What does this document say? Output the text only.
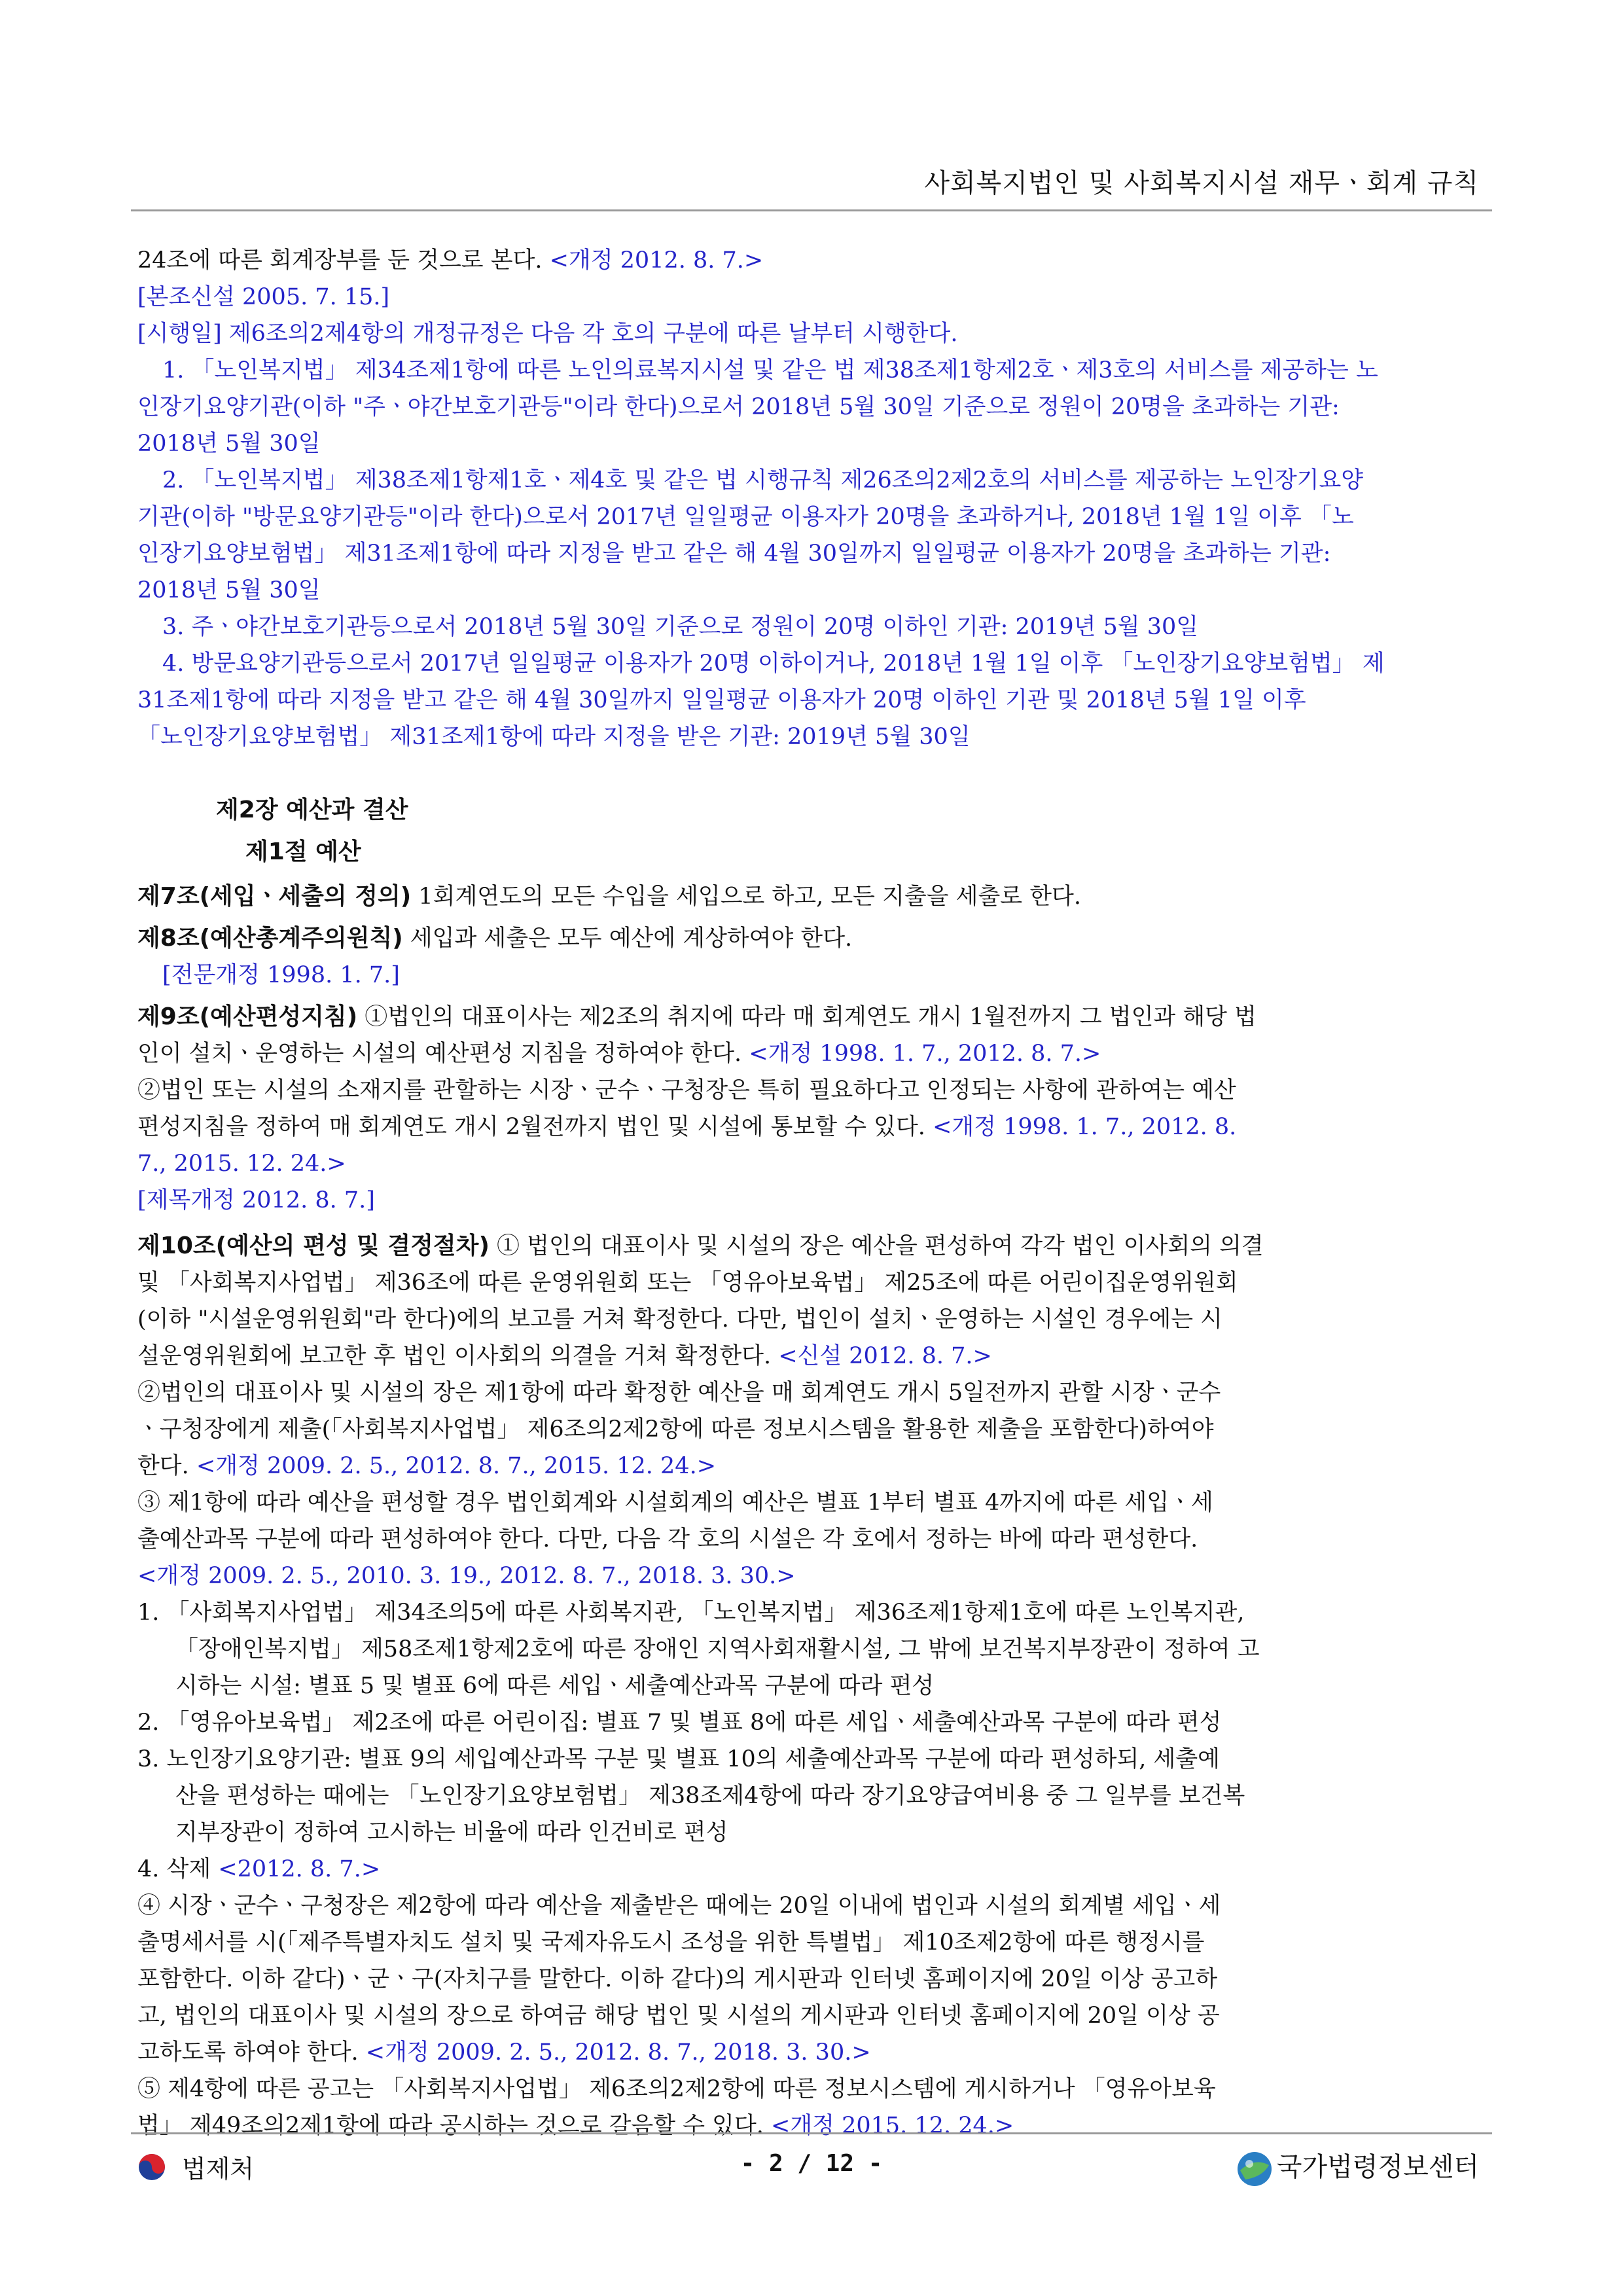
사회복지법인 및 사회복지시설 재무ㆍ회계 규칙
24조에 따른 회계장부를 둔 것으로 본다. <개정 2012. 8. 7.>
[본조신설 2005. 7. 15.]
[시행일] 제6조의2제4항의 개정규정은 다음 각 호의 구분에 따른 날부터 시행한다.
1. 「노인복지법」 제34조제1항에 따른 노인의료복지시설 및 같은 법 제38조제1항제2호ㆍ제3호의 서비스를 제공하는 노
인장기요양기관(이하 "주ㆍ야간보호기관등"이라 한다)으로서 2018년 5월 30일 기준으로 정원이 20명을 초과하는 기관:
2018년 5월 30일
2. 「노인복지법」 제38조제1항제1호ㆍ제4호 및 같은 법 시행규칙 제26조의2제2호의 서비스를 제공하는 노인장기요양
기관(이하 "방문요양기관등"이라 한다)으로서 2017년 일일평균 이용자가 20명을 초과하거나, 2018년 1월 1일 이후 「노
인장기요양보험법」 제31조제1항에 따라 지정을 받고 같은 해 4월 30일까지 일일평균 이용자가 20명을 초과하는 기관:
2018년 5월 30일
3. 주ㆍ야간보호기관등으로서 2018년 5월 30일 기준으로 정원이 20명 이하인 기관: 2019년 5월 30일
4. 방문요양기관등으로서 2017년 일일평균 이용자가 20명 이하이거나, 2018년 1월 1일 이후 「노인장기요양보험법」 제
31조제1항에 따라 지정을 받고 같은 해 4월 30일까지 일일평균 이용자가 20명 이하인 기관 및 2018년 5월 1일 이후
「노인장기요양보험법」 제31조제1항에 따라 지정을 받은 기관: 2019년 5월 30일
제2장 예산과 결산
제1절 예산
제7조(세입ㆍ세출의 정의) 1회계연도의 모든 수입을 세입으로 하고, 모든 지출을 세출로 한다.
제8조(예산총계주의원칙) 세입과 세출은 모두 예산에 계상하여야 한다.
[전문개정 1998. 1. 7.]
제9조(예산편성지침) ①법인의 대표이사는 제2조의 취지에 따라 매 회계연도 개시 1월전까지 그 법인과 해당 법
인이 설치ㆍ운영하는 시설의 예산편성 지침을 정하여야 한다. <개정 1998. 1. 7., 2012. 8. 7.>
②법인 또는 시설의 소재지를 관할하는 시장ㆍ군수ㆍ구청장은 특히 필요하다고 인정되는 사항에 관하여는 예산
편성지침을 정하여 매 회계연도 개시 2월전까지 법인 및 시설에 통보할 수 있다. <개정 1998. 1. 7., 2012. 8.
7., 2015. 12. 24.>
[제목개정 2012. 8. 7.]
제10조(예산의 편성 및 결정절차) ① 법인의 대표이사 및 시설의 장은 예산을 편성하여 각각 법인 이사회의 의결
및 「사회복지사업법」 제36조에 따른 운영위원회 또는 「영유아보육법」 제25조에 따른 어린이집운영위원회
(이하 "시설운영위원회"라 한다)에의 보고를 거쳐 확정한다. 다만, 법인이 설치ㆍ운영하는 시설인 경우에는 시
설운영위원회에 보고한 후 법인 이사회의 의결을 거쳐 확정한다. <신설 2012. 8. 7.>
②법인의 대표이사 및 시설의 장은 제1항에 따라 확정한 예산을 매 회계연도 개시 5일전까지 관할 시장ㆍ군수
ㆍ구청장에게 제출(「사회복지사업법」 제6조의2제2항에 따른 정보시스템을 활용한 제출을 포함한다)하여야
한다. <개정 2009. 2. 5., 2012. 8. 7., 2015. 12. 24.>
③ 제1항에 따라 예산을 편성할 경우 법인회계와 시설회계의 예산은 별표 1부터 별표 4까지에 따른 세입ㆍ세
출예산과목 구분에 따라 편성하여야 한다. 다만, 다음 각 호의 시설은 각 호에서 정하는 바에 따라 편성한다.
<개정 2009. 2. 5., 2010. 3. 19., 2012. 8. 7., 2018. 3. 30.>
1. 「사회복지사업법」 제34조의5에 따른 사회복지관, 「노인복지법」 제36조제1항제1호에 따른 노인복지관,
「장애인복지법」 제58조제1항제2호에 따른 장애인 지역사회재활시설, 그 밖에 보건복지부장관이 정하여 고
시하는 시설: 별표 5 및 별표 6에 따른 세입ㆍ세출예산과목 구분에 따라 편성
2. 「영유아보육법」 제2조에 따른 어린이집: 별표 7 및 별표 8에 따른 세입ㆍ세출예산과목 구분에 따라 편성
3. 노인장기요양기관: 별표 9의 세입예산과목 구분 및 별표 10의 세출예산과목 구분에 따라 편성하되, 세출예
산을 편성하는 때에는 「노인장기요양보험법」 제38조제4항에 따라 장기요양급여비용 중 그 일부를 보건복
지부장관이 정하여 고시하는 비율에 따라 인건비로 편성
4. 삭제 <2012. 8. 7.>
④ 시장ㆍ군수ㆍ구청장은 제2항에 따라 예산을 제출받은 때에는 20일 이내에 법인과 시설의 회계별 세입ㆍ세
출명세서를 시(「제주특별자치도 설치 및 국제자유도시 조성을 위한 특별법」 제10조제2항에 따른 행정시를
포함한다. 이하 같다)ㆍ군ㆍ구(자치구를 말한다. 이하 같다)의 게시판과 인터넷 홈페이지에 20일 이상 공고하
고, 법인의 대표이사 및 시설의 장으로 하여금 해당 법인 및 시설의 게시판과 인터넷 홈페이지에 20일 이상 공
고하도록 하여야 한다. <개정 2009. 2. 5., 2012. 8. 7., 2018. 3. 30.>
⑤ 제4항에 따른 공고는 「사회복지사업법」 제6조의2제2항에 따른 정보시스템에 게시하거나 「영유아보육
법」 제49조의2제1항에 따라 공시하는 것으로 갈음할 수 있다. <개정 2015. 12. 24.>
법제처	- 2 / 12 -	국가법령정보센터
